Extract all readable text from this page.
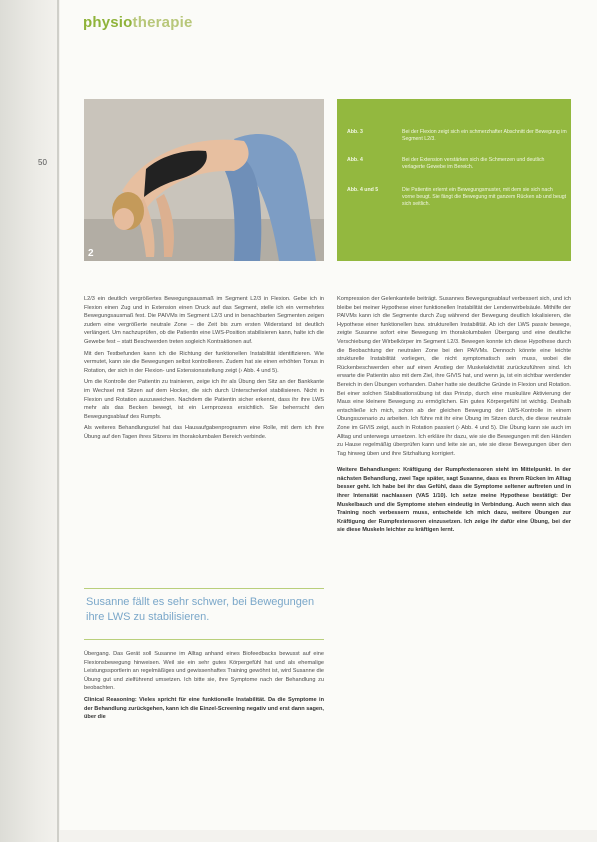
physiotherapie
50
2
Abb. 3	Bei der Flexion zeigt sich ein schmerzhafter Abschnitt der Bewegung im Segment L2/3.
Abb. 4	Bei der Extension verstärken sich die Schmerzen und deutlich verlagerte Gewebe im Bereich.
Abb. 4 und 5	Die Patientin erlernt ein Bewegungsmuster, mit dem sie sich nach vorne beugt. Sie fängt die Bewegung mit ganzem Rücken ab und beugt sich seitlich.

L2/3 ein deutlich vergrößertes Bewegungsausmaß im Segment L2/3 in Flexion. Gebe ich in Flexion einen Zug und in Extension einen Druck auf das Segment, stelle ich ein vermehrtes Bewegungsausmaß fest. Die PAIVMs im Segment L2/3 und in benachbarten Segmenten zeigen zudem eine vergrößerte neutrale Zone – die Zeit bis zum ersten Widerstand ist deutlich verlängert. Um nachzuprüfen, ob die Patientin eine LWS-Position stabilisieren kann, halte ich die Gewebe fest – statt Beschwerden treten sogleich Kontraktionen auf.

Mit den Testbefunden kann ich die Richtung der funktionellen Instabilität identifizieren. Wie vermutet, kann sie die Bewegungen selbst kontrollieren. Zudem hat sie einen erhöhten Tonus in Rotation, der sich in der Flexion- und Extensionsstellung zeigt (› Abb. 4 und 5).

Um die Kontrolle der Patientin zu trainieren, zeige ich ihr als Übung den Sitz an der Bankkante im Wechsel mit Sitzen auf dem Hocker, die sich durch Unterschenkel stabilisieren. Nicht in Flexion und Rotation auszuweichen. Nachdem die Patientin sicher erkennt, dass ihr ihre LWS mehr als das Becken bewegt, ist ein Lernprozess ersichtlich. Sie beherrscht den Bewegungsablauf des Rumpfs.

Als weiteres Behandlungsziel hat das Hausaufgabenprogramm eine Rolle, mit dem ich ihre Übung auf den Tagen ihres Sitzens im thorakolumbalen Bereich verbinde.

Susanne fällt es sehr schwer, bei Bewegungen ihre LWS zu stabilisieren.

Übergang. Das Gerät soll Susanne im Alltag anhand eines Biofeedbacks bewusst auf eine Flexionsbewegung hinweisen. Weil sie ein sehr gutes Körpergefühl hat und als ehemalige Leistungssportlerin an regelmäßiges und gewissenhaftes Training gewöhnt ist, wird Susanne die Übung gut und zielführend umsetzen. Ich bitte sie, ihre Symptome nach der Behandlung zu beobachten.

Clinical Reasoning: Vieles spricht für eine funktionelle Instabilität. Da die Symptome in der Behandlung zurückgehen, kann ich die Einzel-Screening negativ und erst dann sagen, über die

Kompression der Gelenkanteile beiträgt. Susannes Bewegungsablauf verbessert sich, und ich bleibe bei meiner Hypothese einer funktionellen Instabilität der Lendenwirbelsäule. Mithilfe der PAIVMs kann ich die Segmente durch Zug während der Bewegung deutlich lokalisieren, die Hypothese einer funktionellen bzw. strukturellen Instabilität. Ab ich der LWS passiv bewege, zeigte Susanne sofort eine Bewegung im thorakolumbalen Übergang und eine deutliche Verschiebung der Wirbelkörper im Segment L2/3. Bewegen konnte ich diese Hypothese durch die Beobachtung der neutralen Zone bei den PAIVMs. Dennoch könnte eine leichte strukturelle Instabilität vorliegen, die nicht symptomatisch sein muss, wobei die Rückenbeschwerden eher auf einen Anstieg der Muskelaktivität zurückzuführen sind. Ich erwarte die Patientin also mit dem Ziel, ihre GIVIS hat, und wenn ja, ist ein sichtbar werdender Bereich in den Übungen vorhanden. Daher hatte sie deutliche Gründe in Flexion und Rotation. Bei einer solchen Stabilisationsübung ist das Prinzip, durch eine muskuläre Aktivierung der Maus eine kleinere Bewegung zu ermöglichen. Ein gutes Körpergefühl ist wichtig. Deshalb entschließe ich mich, schon ab der gleichen Bewegung der LWS-Kontrolle in einem Übungsszenario zu arbeiten. Ich führe mit ihr eine Übung im Sitzen durch, die diese neutrale Zone im GIVIS zeigt, auch in Rotation passiert (› Abb. 4 und 5). Die Übung kann sie auch im Alltag und unterwegs umsetzen. Ich erkläre ihr dazu, wie sie die Bewegungen mit den Händen zu Hause regelmäßig überprüfen kann und leite sie an, wie sie diese Bewegungen über den Tag hinweg üben und ihre Sitzhaltung korrigiert.

Weitere Behandlungen: Kräftigung der Rumpfextensoren steht im Mittelpunkt. In der nächsten Behandlung, zwei Tage später, sagt Susanne, dass es ihrem Rücken im Alltag besser geht. Ich habe bei ihr das Gefühl, dass die Symptome seltener auftreten und in ihrer Intensität nachlassen (VAS 1/10). Ich setze meine Hypothese bestätigt: Der Muskelbauch und die Symptome stehen eindeutig in Verbindung. Auch wenn sich das Training noch verbessern muss, entscheide ich mich dazu, weitere Übungen zur Kräftigung der Rumpfextensoren einzusetzen. Ich zeige ihr dafür eine Übung, bei der sie diese Muskeln leichter zu kräftigen lernt.
